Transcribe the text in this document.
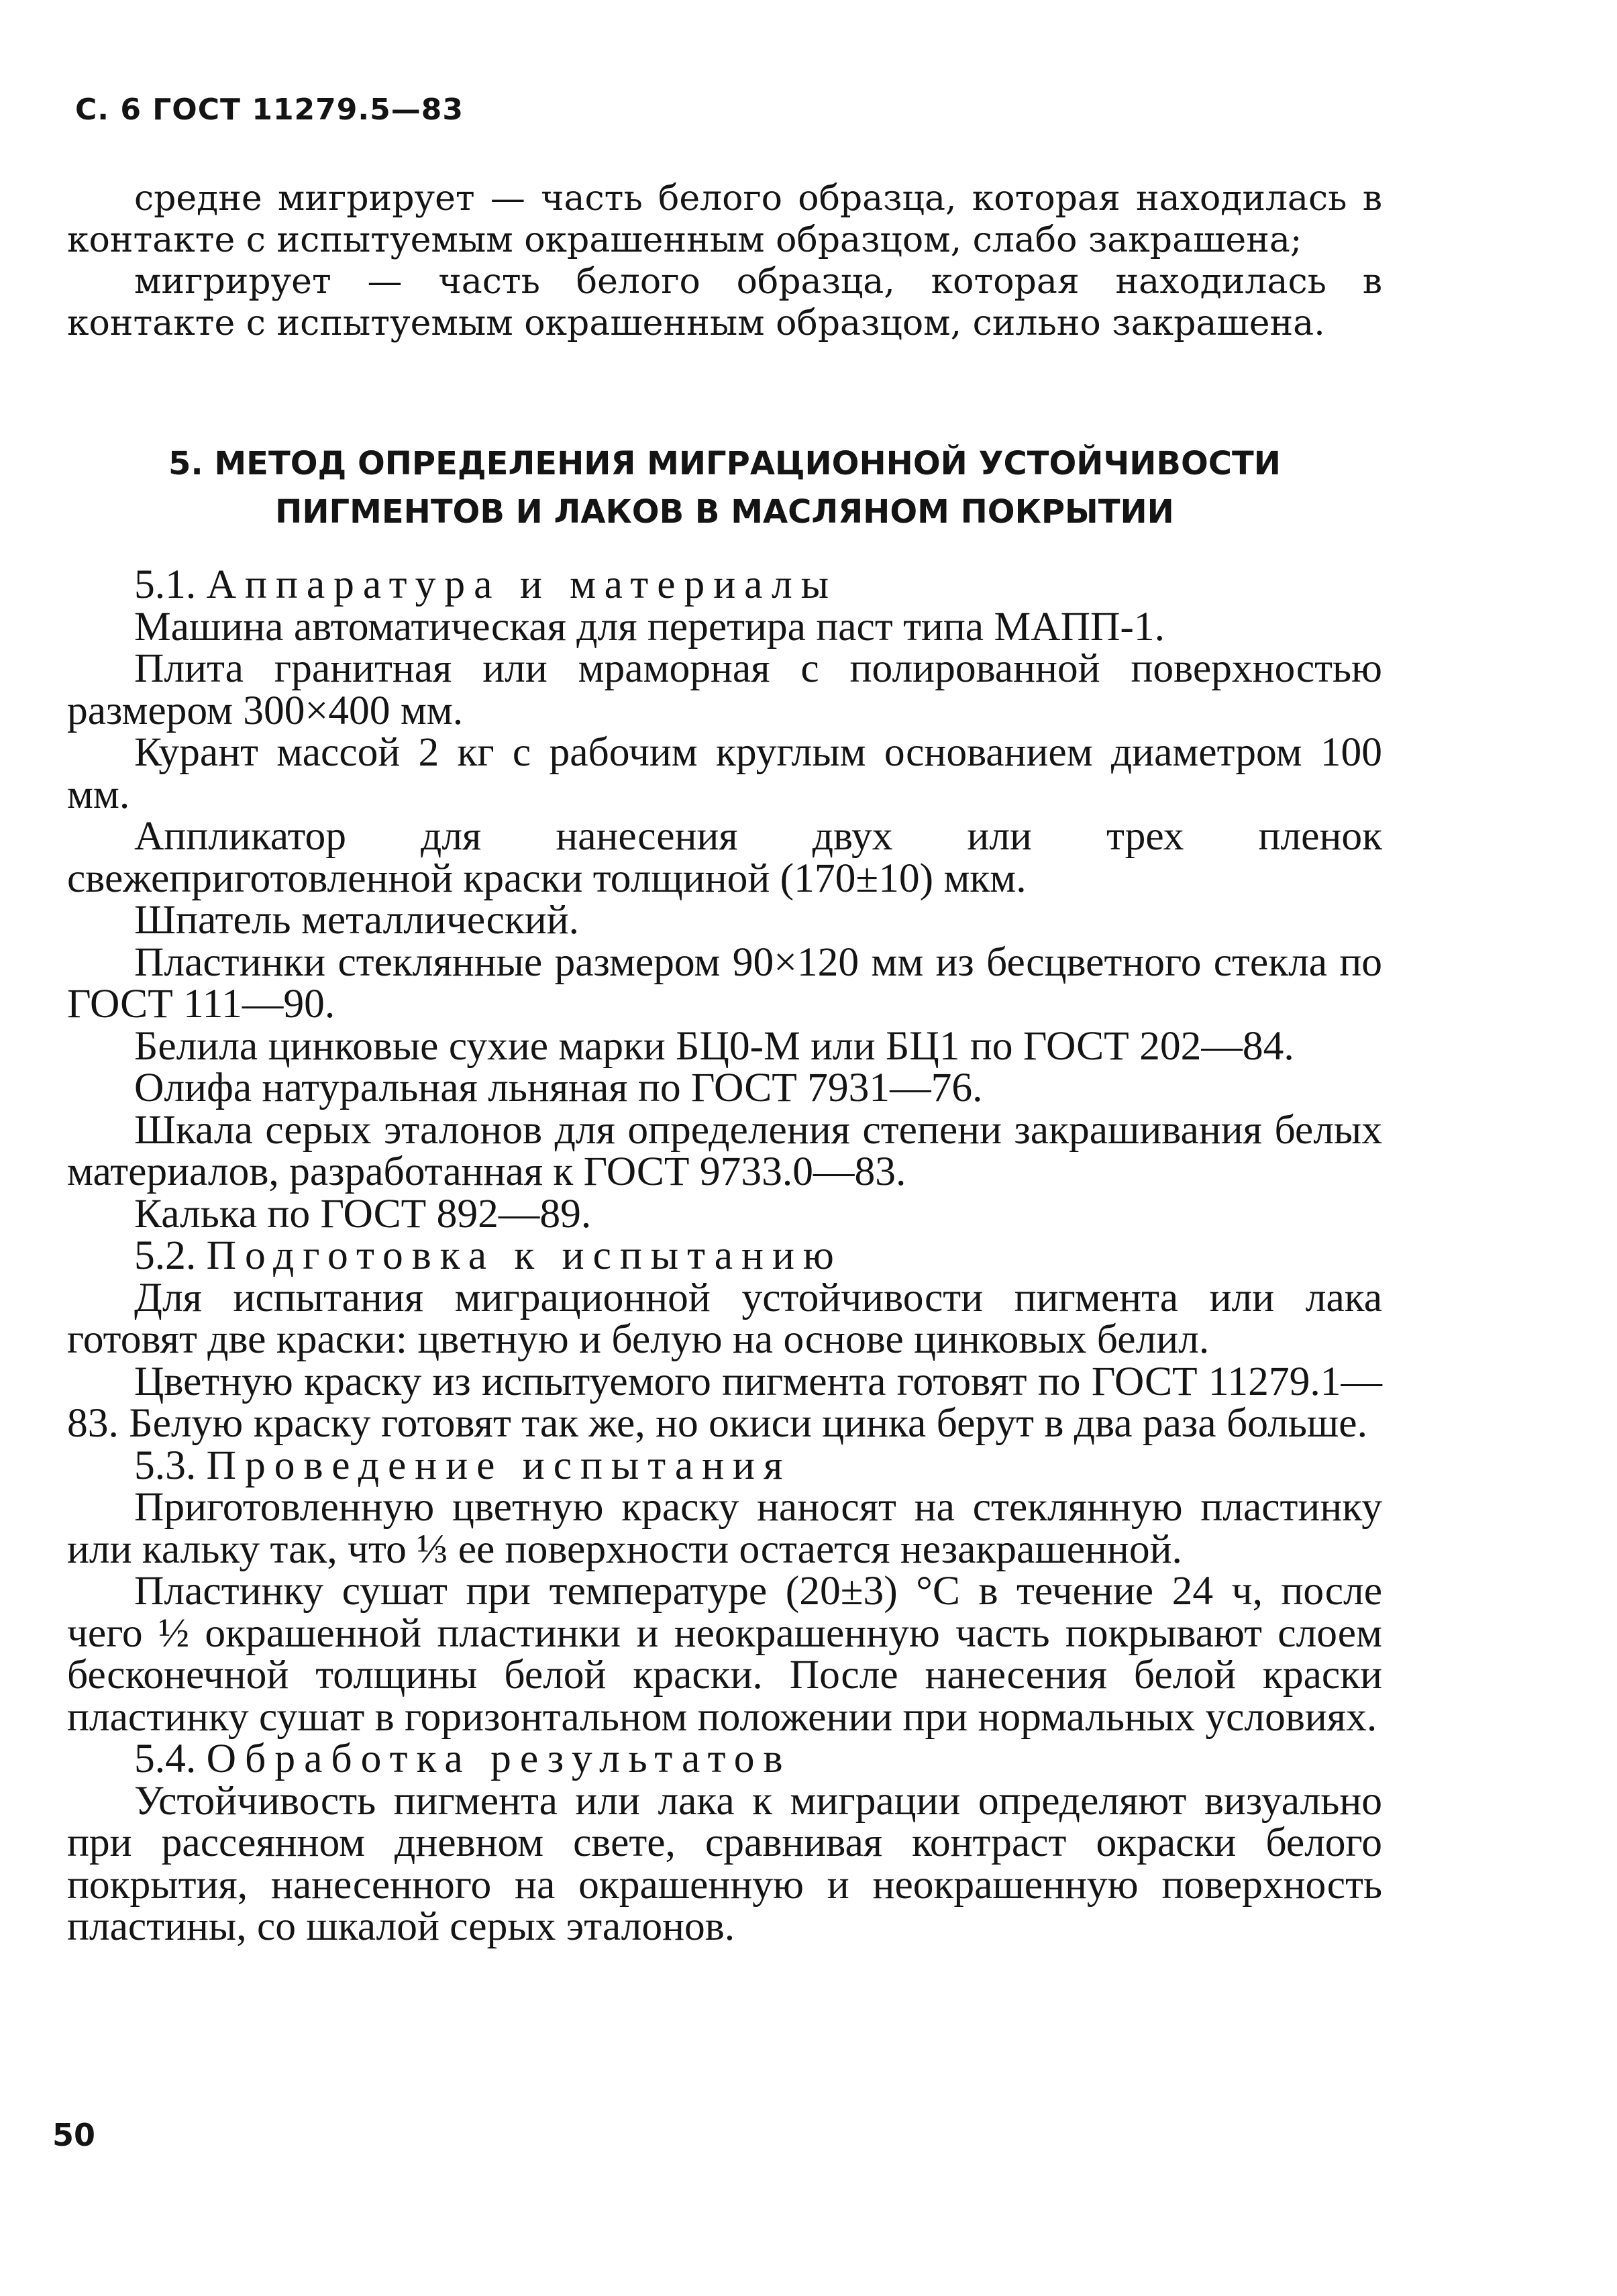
С. 6 ГОСТ 11279.5—83

средне мигрирует — часть белого образца, которая находилась в контакте с испытуемым окрашенным образцом, слабо закрашена;

мигрирует — часть белого образца, которая находилась в контакте с испытуемым окрашенным образцом, сильно закрашена.

5. МЕТОД ОПРЕДЕЛЕНИЯ МИГРАЦИОННОЙ УСТОЙЧИВОСТИ
ПИГМЕНТОВ И ЛАКОВ В МАСЛЯНОМ ПОКРЫТИИ

5.1. Аппаратура и материалы

Машина автоматическая для перетира паст типа МАПП-1.

Плита гранитная или мраморная с полированной поверхностью размером 300×400 мм.

Курант массой 2 кг с рабочим круглым основанием диаметром 100 мм.

Аппликатор для нанесения двух или трех пленок свежеприготовленной краски толщиной (170±10) мкм.

Шпатель металлический.

Пластинки стеклянные размером 90×120 мм из бесцветного стекла по ГОСТ 111—90.

Белила цинковые сухие марки БЦ0-М или БЦ1 по ГОСТ 202—84.

Олифа натуральная льняная по ГОСТ 7931—76.

Шкала серых эталонов для определения степени закрашивания белых материалов, разработанная к ГОСТ 9733.0—83.

Калька по ГОСТ 892—89.

5.2. Подготовка к испытанию

Для испытания миграционной устойчивости пигмента или лака готовят две краски: цветную и белую на основе цинковых белил.

Цветную краску из испытуемого пигмента готовят по ГОСТ 11279.1—83. Белую краску готовят так же, но окиси цинка берут в два раза больше.

5.3. Проведение испытания

Приготовленную цветную краску наносят на стеклянную пластинку или кальку так, что ⅓ ее поверхности остается незакрашенной.

Пластинку сушат при температуре (20±3) °С в течение 24 ч, после чего ½ окрашенной пластинки и неокрашенную часть покрывают слоем бесконечной толщины белой краски. После нанесения белой краски пластинку сушат в горизонтальном положении при нормальных условиях.

5.4. Обработка результатов

Устойчивость пигмента или лака к миграции определяют визуально при рассеянном дневном свете, сравнивая контраст окраски белого покрытия, нанесенного на окрашенную и неокрашенную поверхность пластины, со шкалой серых эталонов.

50
